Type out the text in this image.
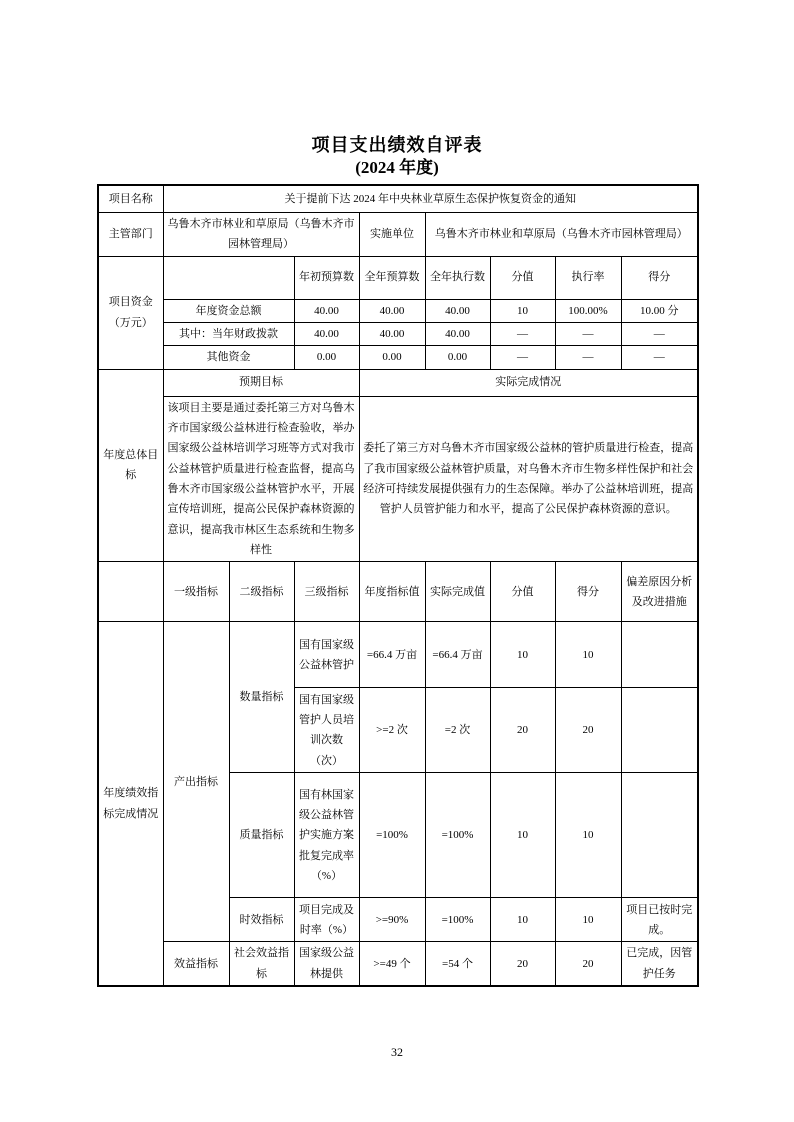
项目支出绩效自评表
(2024 年度)
项目名称	关于提前下达 2024 年中央林业草原生态保护恢复资金的通知							
主管部门	乌鲁木齐市林业和草原局（乌鲁木齐市园林管理局）			实施单位	乌鲁木齐市林业和草原局（乌鲁木齐市园林管理局）			
项目资金（万元）			年初预算数	全年预算数	全年执行数	分值	执行率	得分
	年度资金总额		40.00	40.00	40.00	10	100.00%	10.00 分
	其中：当年财政拨款		40.00	40.00	40.00	—	—	—
	其他资金		0.00	0.00	0.00	—	—	—
年度总体目标	预期目标			实际完成情况				
	该项目主要是通过委托第三方对乌鲁木齐市国家级公益林进行检查验收，举办国家级公益林培训学习班等方式对我市公益林管护质量进行检查监督，提高乌鲁木齐市国家级公益林管护水平，开展宣传培训班，提高公民保护森林资源的意识，提高我市林区生态系统和生物多样性			委托了第三方对乌鲁木齐市国家级公益林的管护质量进行检查，提高了我市国家级公益林管护质量，对乌鲁木齐市生物多样性保护和社会经济可持续发展提供强有力的生态保障。举办了公益林培训班，提高管护人员管护能力和水平，提高了公民保护森林资源的意识。				
	一级指标	二级指标	三级指标	年度指标值	实际完成值	分值	得分	偏差原因分析及改进措施
年度绩效指标完成情况	产出指标	数量指标	国有国家级公益林管护	=66.4 万亩	=66.4 万亩	10	10	
			国有国家级管护人员培训次数（次）	>=2 次	=2 次	20	20	
		质量指标	国有林国家级公益林管护实施方案批复完成率（%）	=100%	=100%	10	10	
		时效指标	项目完成及时率（%）	>=90%	=100%	10	10	项目已按时完成。
	效益指标	社会效益指标	国家级公益林提供	>=49 个	=54 个	20	20	已完成，因管护任务
32
